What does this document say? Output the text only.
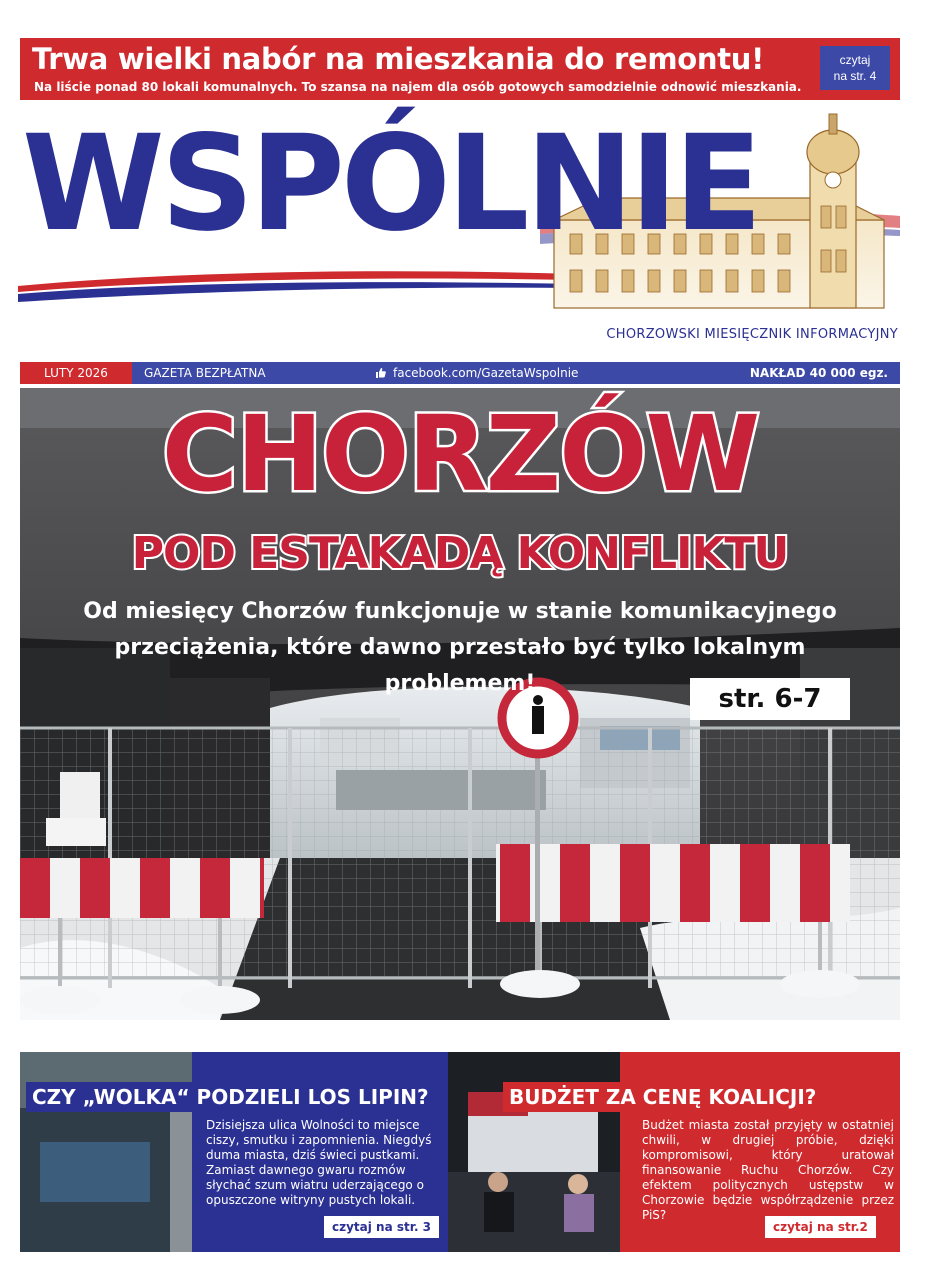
Trwa wielki nabór na mieszkania do remontu!
Na liście ponad 80 lokali komunalnych. To szansa na najem dla osób gotowych samodzielnie odnowić mieszkania.
czytaj
na str. 4
WSPÓLNIE
CHORZOWSKI MIESIĘCZNIK INFORMACYJNY
LUTY 2026	GAZETA BEZPŁATNA	facebook.com/GazetaWspolnie	NAKŁAD 40 000 egz.
CHORZÓW
POD ESTAKADĄ KONFLIKTU
Od miesięcy Chorzów funkcjonuje w stanie komunikacyjnego
przeciążenia, które dawno przestało być tylko lokalnym problemem!
str. 6-7
CZY „WOLKA“ PODZIELI LOS LIPIN?
Dzisiejsza ulica Wolności to miejsce ciszy, smutku i zapomnienia. Niegdyś duma miasta, dziś świeci pustkami. Zamiast dawnego gwaru rozmów słychać szum wiatru uderzającego o opuszczone witryny pustych lokali.
czytaj na str. 3
BUDŻET ZA CENĘ KOALICJI?
Budżet miasta został przyjęty w ostatniej chwili, w drugiej próbie, dzięki kompromisowi, który uratował finansowanie Ruchu Chorzów. Czy efektem politycznych ustępstw w Chorzowie będzie współrządzenie przez PiS?
czytaj na str.2
